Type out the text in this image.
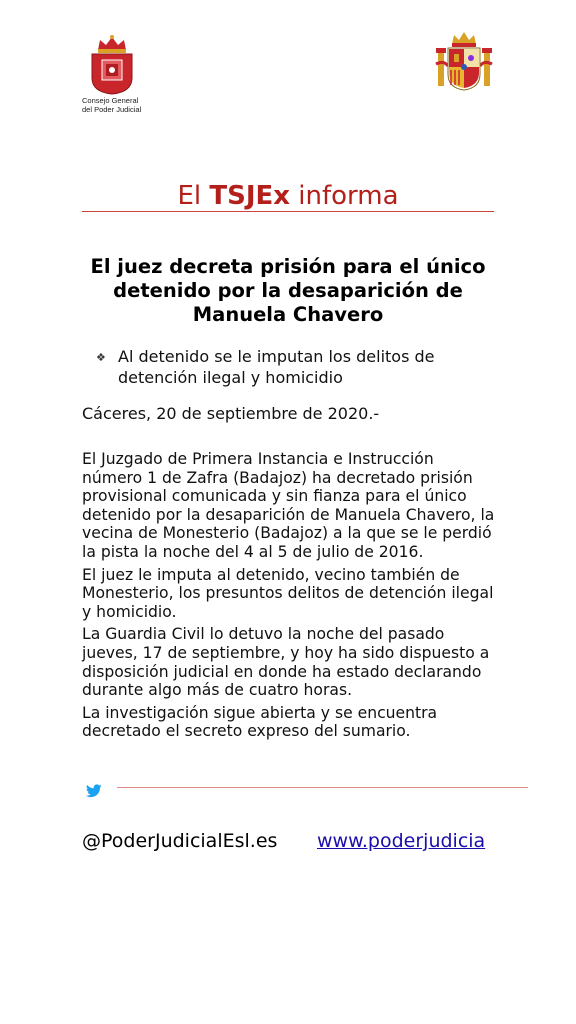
Consejo General
del Poder Judicial
El TSJEx informa
El juez decreta prisión para el único detenido por la desaparición de Manuela Chavero
❖ Al detenido se le imputan los delitos de
detención ilegal y homicidio
Cáceres, 20 de septiembre de 2020.-

El Juzgado de Primera Instancia e Instrucción número 1 de Zafra (Badajoz) ha decretado prisión provisional comunicada y sin fianza para el único detenido por la desaparición de Manuela Chavero, la vecina de Monesterio (Badajoz) a la que se le perdió la pista la noche del 4 al 5 de julio de 2016.

El juez le imputa al detenido, vecino también de Monesterio, los presuntos delitos de detención ilegal y homicidio.

La Guardia Civil lo detuvo la noche del pasado jueves, 17 de septiembre, y hoy ha sido dispuesto a disposición judicial en donde ha estado declarando durante algo más de cuatro horas.

La investigación sigue abierta y se encuentra decretado el secreto expreso del sumario.

@PoderJudicialEsl.es www.poderjudicia
